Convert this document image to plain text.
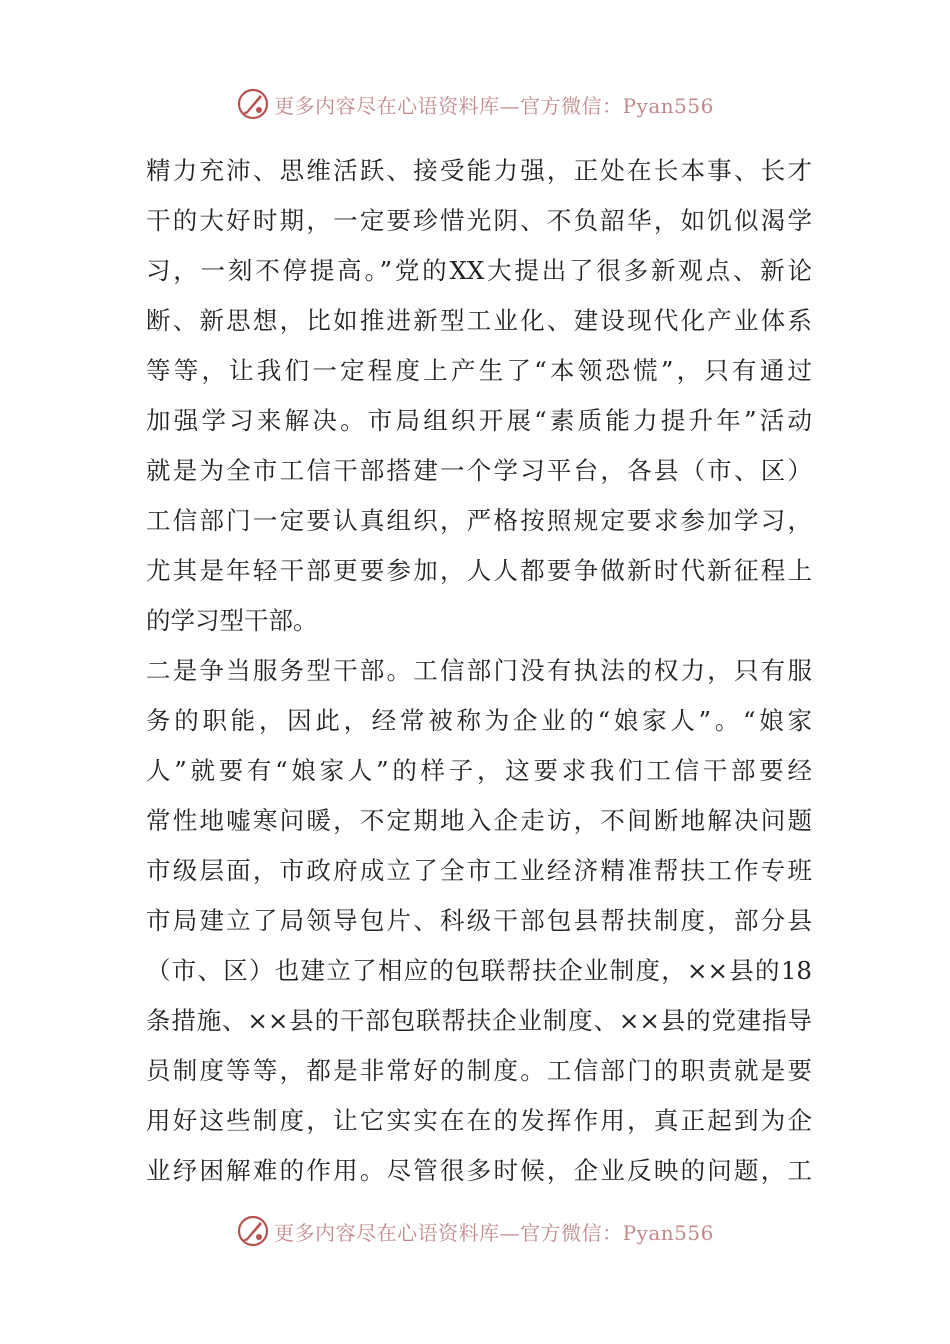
更多内容尽在心语资料库—官方微信：Pyan556
精力充沛、思维活跃、接受能力强，正处在长本事、长才
干的大好时期，一定要珍惜光阴、不负韶华，如饥似渴学
习，一刻不停提高。”党的XX大提出了很多新观点、新论
断、新思想，比如推进新型工业化、建设现代化产业体系
等等，让我们一定程度上产生了“本领恐慌”，只有通过
加强学习来解决。市局组织开展“素质能力提升年”活动
就是为全市工信干部搭建一个学习平台，各县（市、区）
工信部门一定要认真组织，严格按照规定要求参加学习，
尤其是年轻干部更要参加，人人都要争做新时代新征程上
的学习型干部。
二是争当服务型干部。工信部门没有执法的权力，只有服
务的职能，因此，经常被称为企业的“娘家人”。“娘家
人”就要有“娘家人”的样子，这要求我们工信干部要经
常性地嘘寒问暖，不定期地入企走访，不间断地解决问题
市级层面，市政府成立了全市工业经济精准帮扶工作专班
市局建立了局领导包片、科级干部包县帮扶制度，部分县
（市、区）也建立了相应的包联帮扶企业制度，××县的18
条措施、××县的干部包联帮扶企业制度、××县的党建指导
员制度等等，都是非常好的制度。工信部门的职责就是要
用好这些制度，让它实实在在的发挥作用，真正起到为企
业纾困解难的作用。尽管很多时候，企业反映的问题，工
更多内容尽在心语资料库—官方微信：Pyan556
